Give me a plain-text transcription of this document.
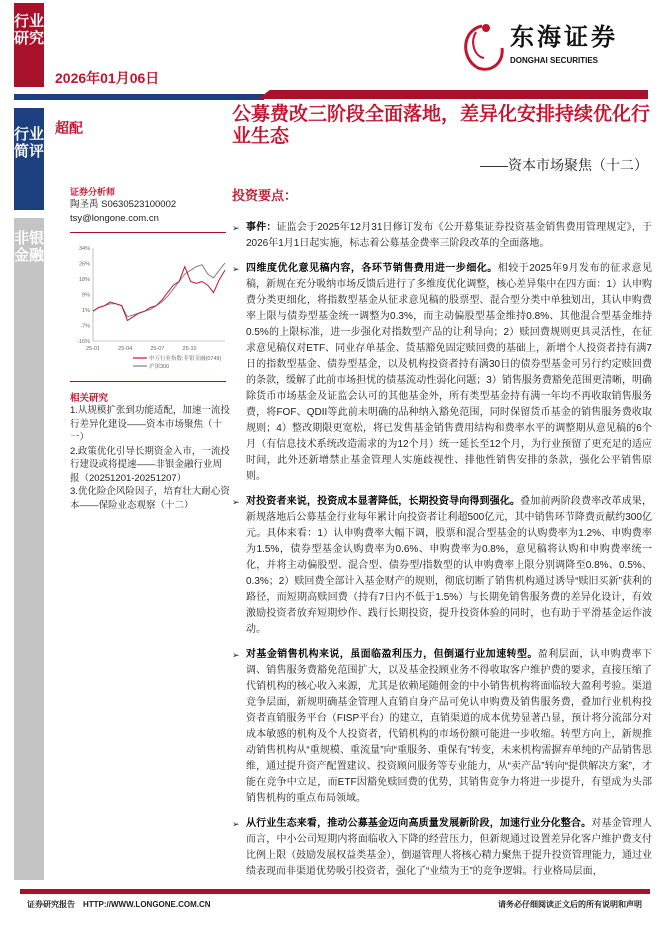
行业研究
行业简评
非银金融
2026年01月06日
东海证券
DONGHAI SECURITIES
超配
公募费改三阶段全面落地，差异化安排持续优化行业生态
——资本市场聚焦（十二）
证券分析师
陶圣禹 S0630523100002
tsy@longone.com.cn
34%
26%
18%
9%
1%
-7%
-16%
25-01	25-04	25-07	25-10
申万行业指数:非银金融(0749)
沪深300
相关研究
1.从规模扩张到功能适配，加速一流投行差异化建设——资本市场聚焦（十一）
2.政策优化引导长期资金入市，一流投行建设或将提速——非银金融行业周报（20251201-20251207）
3.优化险企风险因子，培育壮大耐心资本——保险业态观察（十二）
投资要点：
➢ 事件：证监会于2025年12月31日修订发布《公开募集证券投资基金销售费用管理规定》，于2026年1月1日起实施，标志着公募基金费率三阶段改革的全面落地。
➢ 四维度优化意见稿内容，各环节销售费用进一步细化。相较于2025年9月发布的征求意见稿，新规在充分吸纳市场反馈后进行了多维度优化调整，核心差异集中在四方面：1）认申购费分类更细化，将指数型基金从征求意见稿的股票型、混合型分类中单独划出，其认申购费率上限与债券型基金统一调整为0.3%，而主动偏股型基金维持0.8%、其他混合型基金维持0.5%的上限标准，进一步强化对指数型产品的让利导向；2）赎回费规则更具灵活性，在征求意见稿仅对ETF、同业存单基金、货基豁免固定赎回费的基础上，新增个人投资者持有满7日的指数型基金、债券型基金，以及机构投资者持有满30日的债券型基金可另行约定赎回费的条款，缓解了此前市场担忧的债基流动性弱化问题；3）销售服务费豁免范围更清晰，明确除货币市场基金及证监会认可的其他基金外，所有类型基金持有满一年均不再收取销售服务费，将FOF、QDII等此前未明确的品种纳入豁免范围，同时保留货币基金的销售服务费收取规则；4）整改期限更宽松，将已发售基金销售费用结构和费率水平的调整期从意见稿的6个月（有信息技术系统改造需求的为12个月）统一延长至12个月，为行业预留了更充足的适应时间，此外还新增禁止基金管理人实施歧视性、排他性销售安排的条款，强化公平销售原则。
➢ 对投资者来说，投资成本显著降低，长期投资导向得到强化。叠加前两阶段费率改革成果，新规落地后公募基金行业每年累计向投资者让利超500亿元，其中销售环节降费贡献约300亿元。具体来看：1）认申购费率大幅下调，股票和混合型基金的认购费率为1.2%、申购费率为1.5%，债券型基金认购费率为0.6%、申购费率为0.8%，意见稿将认购和申购费率统一化，并将主动偏股型、混合型、债券型/指数型的认申购费率上限分别调降至0.8%、0.5%、0.3%；2）赎回费全部计入基金财产的规则，彻底切断了销售机构通过诱导“赎旧买新”获利的路径，而短期高赎回费（持有7日内不低于1.5%）与长期免销售服务费的差异化设计，有效激励投资者放弃短期炒作、践行长期投资，提升投资体验的同时，也有助于平滑基金运作波动。
➢ 对基金销售机构来说，虽面临盈利压力，但倒逼行业加速转型。盈利层面，认申购费率下调、销售服务费豁免范围扩大，以及基金投顾业务不得收取客户维护费的要求，直接压缩了代销机构的核心收入来源，尤其是依赖尾随佣金的中小销售机构将面临较大盈利考验。渠道竞争层面，新规明确基金管理人直销自身产品可免认申购费及销售服务费，叠加行业机构投资者直销服务平台（FISP平台）的建立，直销渠道的成本优势显著凸显，预计将分流部分对成本敏感的机构及个人投资者，代销机构的市场份额可能进一步收缩。转型方向上，新规推动销售机构从“重规模、重流量”向“重服务、重保有”转变，未来机构需摒弃单纯的产品销售思维，通过提升资产配置建议、投资顾问服务等专业能力，从“卖产品”转向“提供解决方案”，才能在竞争中立足，而ETF因豁免赎回费的优势，其销售竞争力将进一步提升，有望成为头部销售机构的重点布局领域。
➢ 从行业生态来看，推动公募基金迈向高质量发展新阶段，加速行业分化整合。对基金管理人而言，中小公司短期内将面临收入下降的经营压力，但新规通过设置差异化客户维护费支付比例上限（鼓励发展权益类基金），倒逼管理人将核心精力聚焦于提升投资管理能力，通过业绩表现而非渠道优势吸引投资者，强化了“业绩为王”的竞争逻辑。行业格局层面，
证券研究报告　HTTP://WWW.LONGONE.COM.CN	请务必仔细阅读正文后的所有说明和声明
